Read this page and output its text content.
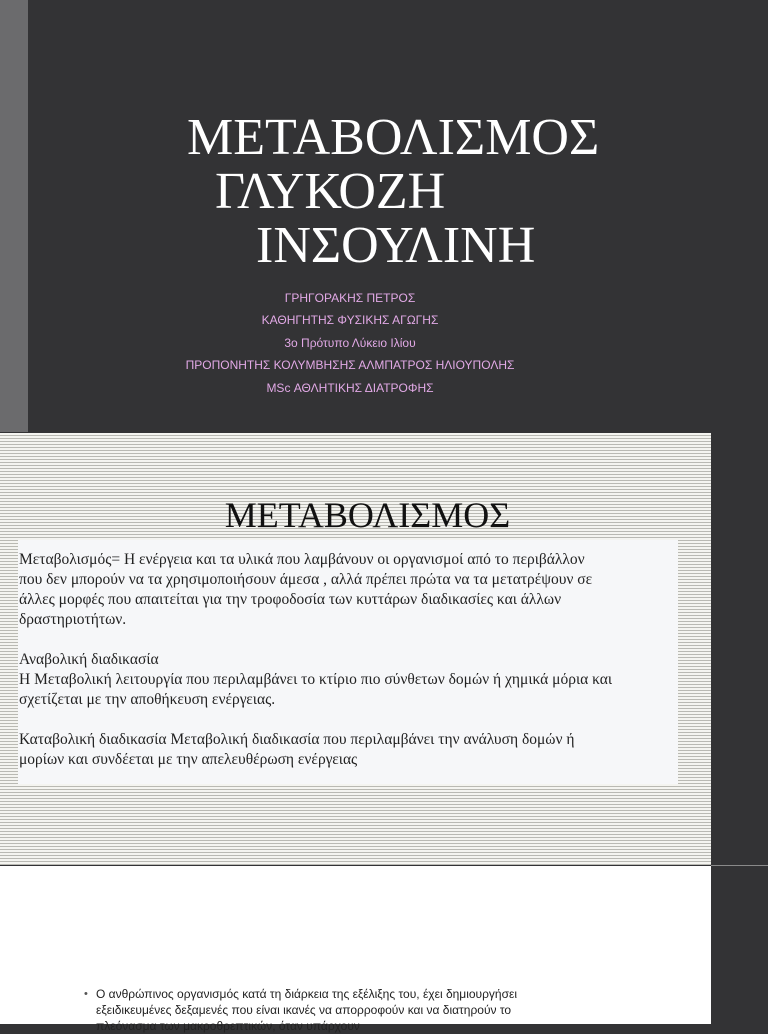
ΜΕΤΑΒΟΛΙΣΜΟΣ
ΓΛΥΚΟΖΗ
ΙΝΣΟΥΛΙΝΗ
ΓΡΗΓΟΡΑΚΗΣ ΠΕΤΡΟΣ
ΚΑΘΗΓΗΤΗΣ ΦΥΣΙΚΗΣ ΑΓΩΓΗΣ
3ο Πρότυπο Λύκειο Ιλίου
ΠΡΟΠΟΝΗΤΗΣ ΚΟΛΥΜΒΗΣΗΣ ΑΛΜΠΑΤΡΟΣ ΗΛΙΟΥΠΟΛΗΣ
MSc ΑΘΛΗΤΙΚΗΣ ΔΙΑΤΡΟΦΗΣ
ΜΕΤΑΒΟΛΙΣΜΟΣ

Μεταβολισμός= Η ενέργεια και τα υλικά που λαμβάνουν οι οργανισμοί από το περιβάλλον
που δεν μπορούν να τα χρησιμοποιήσουν άμεσα , αλλά πρέπει πρώτα να τα μετατρέψουν σε
άλλες μορφές που απαιτείται για την τροφοδοσία των κυττάρων διαδικασίες και άλλων
δραστηριοτήτων.

Αναβολική διαδικασία

Η Μεταβολική λειτουργία που περιλαμβάνει το κτίριο πιο σύνθετων δομών ή χημικά μόρια και
σχετίζεται με την αποθήκευση ενέργειας.

Καταβολική διαδικασία Μεταβολική διαδικασία που περιλαμβάνει την ανάλυση δομών ή
μορίων και συνδέεται με την απελευθέρωση ενέργειας

• Ο ανθρώπινος οργανισμός κατά τη διάρκεια της εξέλιξης του, έχει δημιουργήσει
εξειδικευμένες δεξαμενές που είναι ικανές να απορροφούν και να διατηρούν το
πλεόνασμα των μακροθρεπτικών, όταν υπάρχουν
